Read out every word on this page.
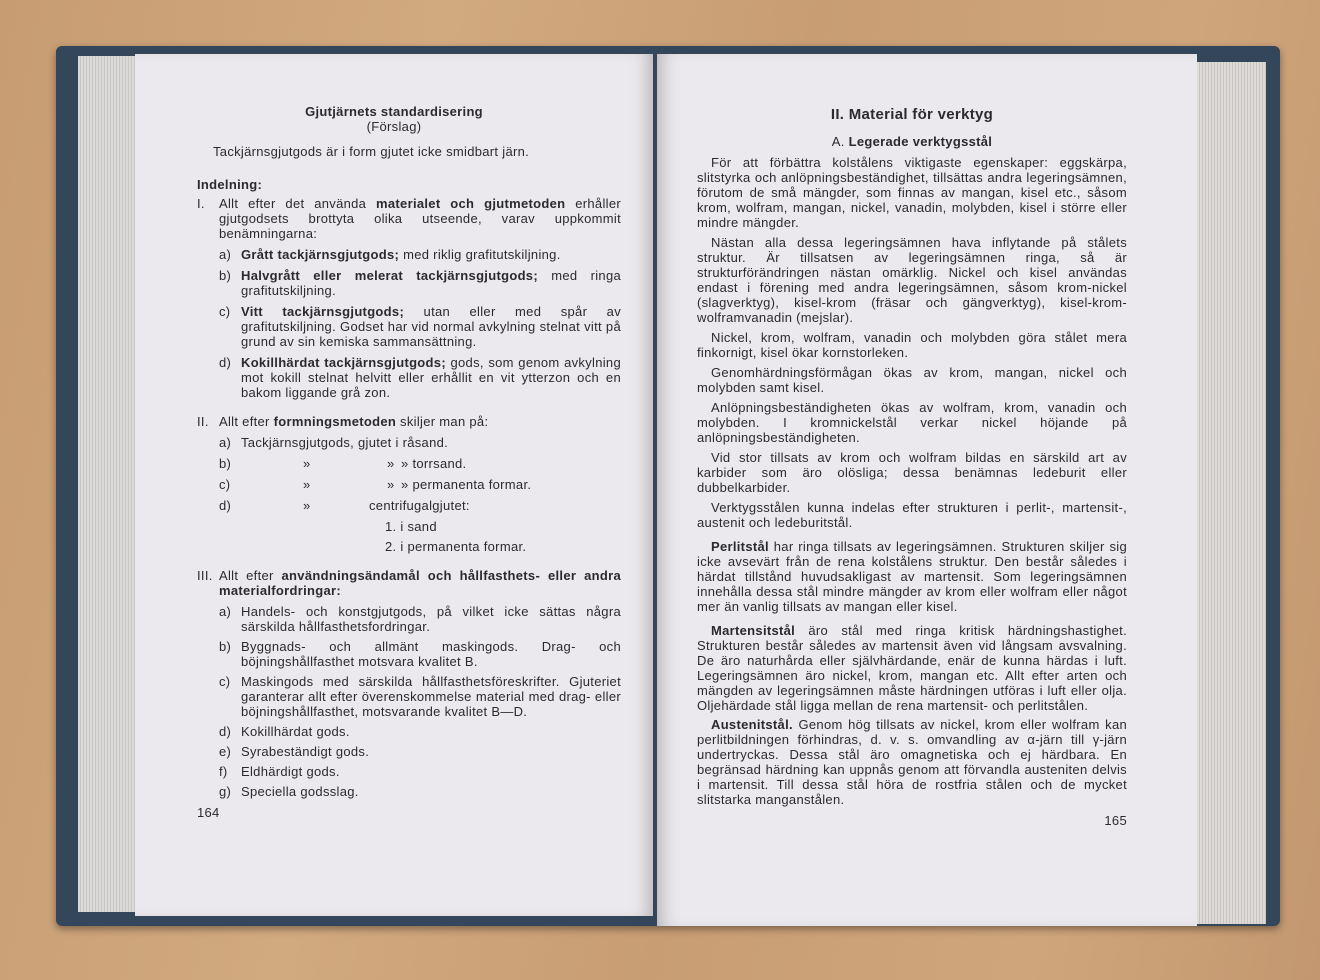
Gjutjärnets standardisering
(Förslag)
Tackjärnsgjutgods är i form gjutet icke smidbart järn.
Indelning:
I.	Allt efter det använda materialet och gjutmetoden erhåller gjutgodsets brottyta olika utseende, varav uppkommit benämningarna:
a) Grått tackjärnsgjutgods; med riklig grafitutskiljning.
b) Halvgrått eller melerat tackjärnsgjutgods; med ringa grafitutskiljning.
c) Vitt tackjärnsgjutgods; utan eller med spår av grafitutskiljning. Godset har vid normal avkylning stelnat vitt på grund av sin kemiska sammansättning.
d) Kokillhärdat tackjärnsgjutgods; gods, som genom avkylning mot kokill stelnat helvitt eller erhållit en vit ytterzon och en bakom liggande grå zon.
II. Allt efter formningsmetoden skiljer man på:
a) Tackjärnsgjutgods, gjutet i råsand.
b)	»	» » torrsand.
c)	»	» » permanenta formar.
d)	»	centrifugalgjutet:
1. i sand
2. i permanenta formar.
III. Allt efter användningsändamål och hållfasthets- eller andra materialfordringar:
a) Handels- och konstgjutgods, på vilket icke sättas några särskilda hållfasthetsfordringar.
b) Byggnads- och allmänt maskingods. Drag- och böjningshållfasthet motsvara kvalitet B.
c) Maskingods med särskilda hållfasthetsföreskrifter. Gjuteriet garanterar allt efter överenskommelse material med drag- eller böjningshållfasthet, motsvarande kvalitet B—D.
d) Kokillhärdat gods.
e) Syrabeständigt gods.
f)	Eldhärdigt gods.
g) Speciella godsslag.
164
II. Material för verktyg
A. Legerade verktygsstål

För att förbättra kolstålens viktigaste egenskaper: eggskärpa, slitstyrka och anlöpningsbeständighet, tillsättas andra legeringsämnen, förutom de små mängder, som finnas av mangan, kisel etc., såsom krom, wolfram, mangan, nickel, vanadin, molybden, kisel i större eller mindre mängder.

Nästan alla dessa legeringsämnen hava inflytande på stålets struktur. Är tillsatsen av legeringsämnen ringa, så är strukturförändringen nästan omärklig. Nickel och kisel användas endast i förening med andra legeringsämnen, såsom krom-nickel (slagverktyg), kisel-krom (fräsar och gängverktyg), kisel-krom-wolframvanadin (mejslar).

Nickel, krom, wolfram, vanadin och molybden göra stålet mera finkornigt, kisel ökar kornstorleken.

Genomhärdningsförmågan ökas av krom, mangan, nickel och molybden samt kisel.

Anlöpningsbeständigheten ökas av wolfram, krom, vanadin och molybden. I kromnickelstål verkar nickel höjande på anlöpningsbeständigheten.

Vid stor tillsats av krom och wolfram bildas en särskild art av karbider som äro olösliga; dessa benämnas ledeburit eller dubbelkarbider.

Verktygsstålen kunna indelas efter strukturen i perlit-, martensit-, austenit och ledeburitstål.

Perlitstål har ringa tillsats av legeringsämnen. Strukturen skiljer sig icke avsevärt från de rena kolstålens struktur. Den består således i härdat tillstånd huvudsakligast av martensit. Som legeringsämnen innehålla dessa stål mindre mängder av krom eller wolfram eller något mer än vanlig tillsats av mangan eller kisel.

Martensitstål äro stål med ringa kritisk härdningshastighet. Strukturen består således av martensit även vid långsam avsvalning. De äro naturhårda eller självhärdande, enär de kunna härdas i luft. Legeringsämnen äro nickel, krom, mangan etc. Allt efter arten och mängden av legeringsämnen måste härdningen utföras i luft eller olja. Oljehärdade stål ligga mellan de rena martensit- och perlitstålen.

Austenitstål. Genom hög tillsats av nickel, krom eller wolfram kan perlitbildningen förhindras, d. v. s. omvandling av α-järn till γ-järn undertryckas. Dessa stål äro omagnetiska och ej härdbara. En begränsad härdning kan uppnås genom att förvandla austeniten delvis i martensit. Till dessa stål höra de rostfria stålen och de mycket slitstarka manganstålen.

165
